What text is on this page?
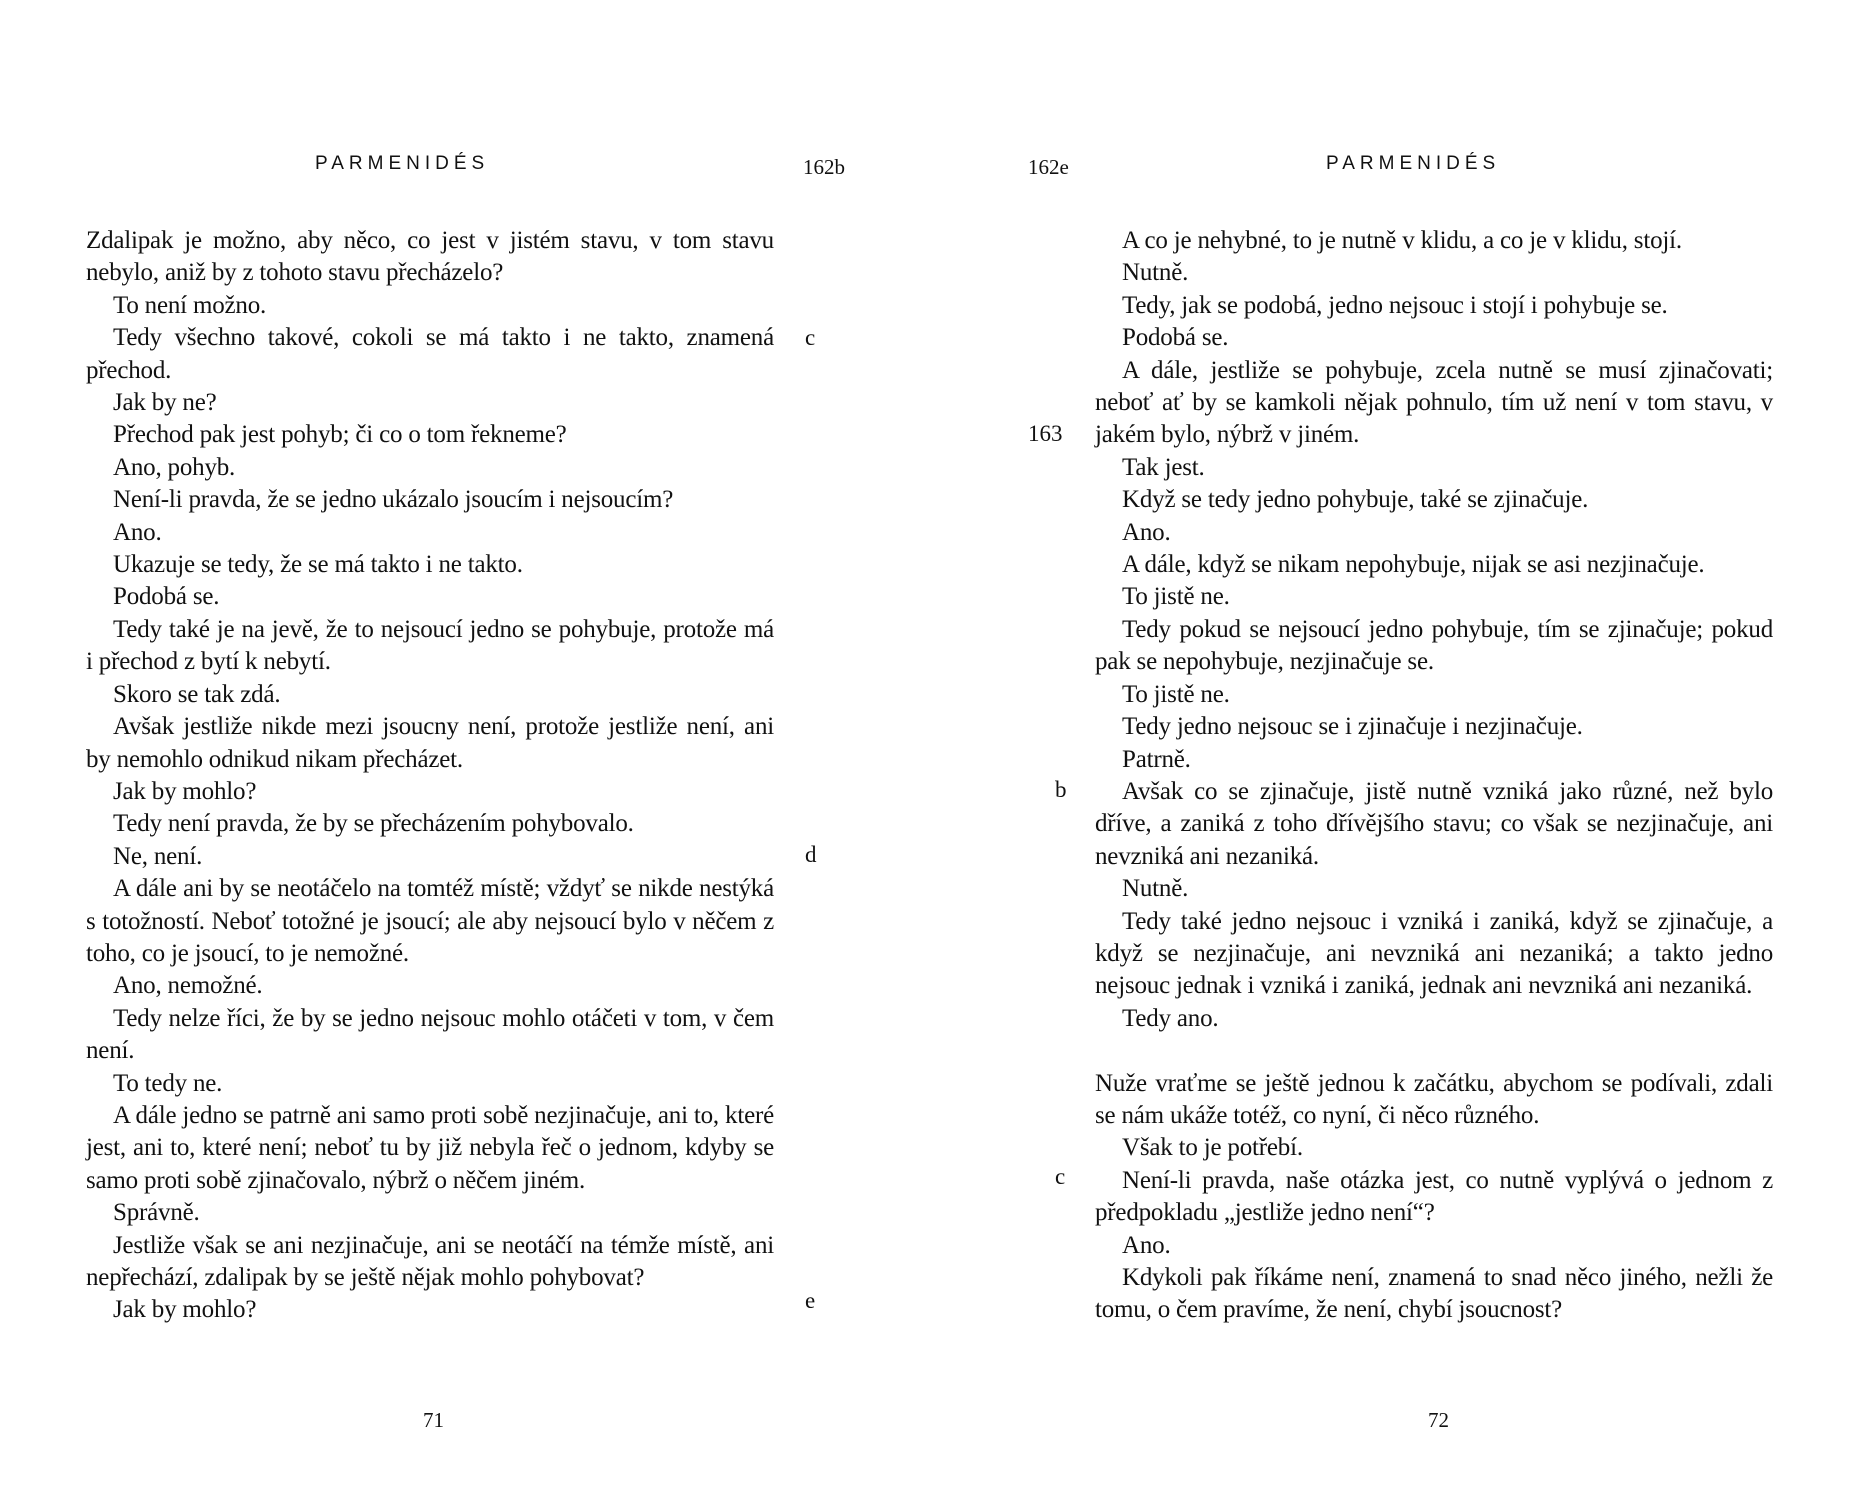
PARMENIDÉS	162b

Zdalipak je možno, aby něco, co jest v jistém stavu, v tom stavu nebylo, aniž by z tohoto stavu přecházelo?

To není možno.

Tedy všechno takové, cokoli se má takto i ne takto, znamená přechod.

Jak by ne?

Přechod pak jest pohyb; či co o tom řekneme?

Ano, pohyb.

Není-li pravda, že se jedno ukázalo jsoucím i nejsoucím?

Ano.

Ukazuje se tedy, že se má takto i ne takto.

Podobá se.

Tedy také je na jevě, že to nejsoucí jedno se pohybuje, protože má i přechod z bytí k nebytí.

Skoro se tak zdá.

Avšak jestliže nikde mezi jsoucny není, protože jestliže není, ani by nemohlo odnikud nikam přecházet.

Jak by mohlo?

Tedy není pravda, že by se přecházením pohybovalo.

Ne, není.

A dále ani by se neotáčelo na tomtéž místě; vždyť se nikde nestýká s totožností. Neboť totožné je jsoucí; ale aby nejsoucí bylo v něčem z toho, co je jsoucí, to je nemožné.

Ano, nemožné.

Tedy nelze říci, že by se jedno nejsouc mohlo otáčeti v tom, v čem není.

To tedy ne.

A dále jedno se patrně ani samo proti sobě nezjinačuje, ani to, které jest, ani to, které není; neboť tu by již nebyla řeč o jednom, kdyby se samo proti sobě zjinačovalo, nýbrž o něčem jiném.

Správně.

Jestliže však se ani nezjinačuje, ani se neotáčí na témže místě, ani nepřechází, zdalipak by se ještě nějak mohlo pohybovat?

Jak by mohlo?

c
d
e
71
PARMENIDÉS
162e

A co je nehybné, to je nutně v klidu, a co je v klidu, stojí.

Nutně.

Tedy, jak se podobá, jedno nejsouc i stojí i pohybuje se.

Podobá se.

A dále, jestliže se pohybuje, zcela nutně se musí zjinačovati; neboť ať by se kamkoli nějak pohnulo, tím už není v tom stavu, v jakém bylo, nýbrž v jiném.

Tak jest.

Když se tedy jedno pohybuje, také se zjinačuje.

Ano.

A dále, když se nikam nepohybuje, nijak se asi nezjinačuje.

To jistě ne.

Tedy pokud se nejsoucí jedno pohybuje, tím se zjinačuje; pokud pak se nepohybuje, nezjinačuje se.

To jistě ne.

Tedy jedno nejsouc se i zjinačuje i nezjinačuje.

Patrně.

Avšak co se zjinačuje, jistě nutně vzniká jako různé, než bylo dříve, a zaniká z toho dřívějšího stavu; co však se nezjinačuje, ani nevzniká ani nezaniká.

Nutně.

Tedy také jedno nejsouc i vzniká i zaniká, když se zjinačuje, a když se nezjinačuje, ani nevzniká ani nezaniká; a takto jedno nejsouc jednak i vzniká i zaniká, jednak ani nevzniká ani nezaniká.

Tedy ano.

Nuže vraťme se ještě jednou k začátku, abychom se podívali, zdali se nám ukáže totéž, co nyní, či něco různého.

Však to je potřebí.

Není-li pravda, naše otázka jest, co nutně vyplývá o jednom z předpokladu „jestliže jedno není“?

Ano.

Kdykoli pak říkáme není, znamená to snad něco jiného, nežli že tomu, o čem pravíme, že není, chybí jsoucnost?

163
b
c
72
